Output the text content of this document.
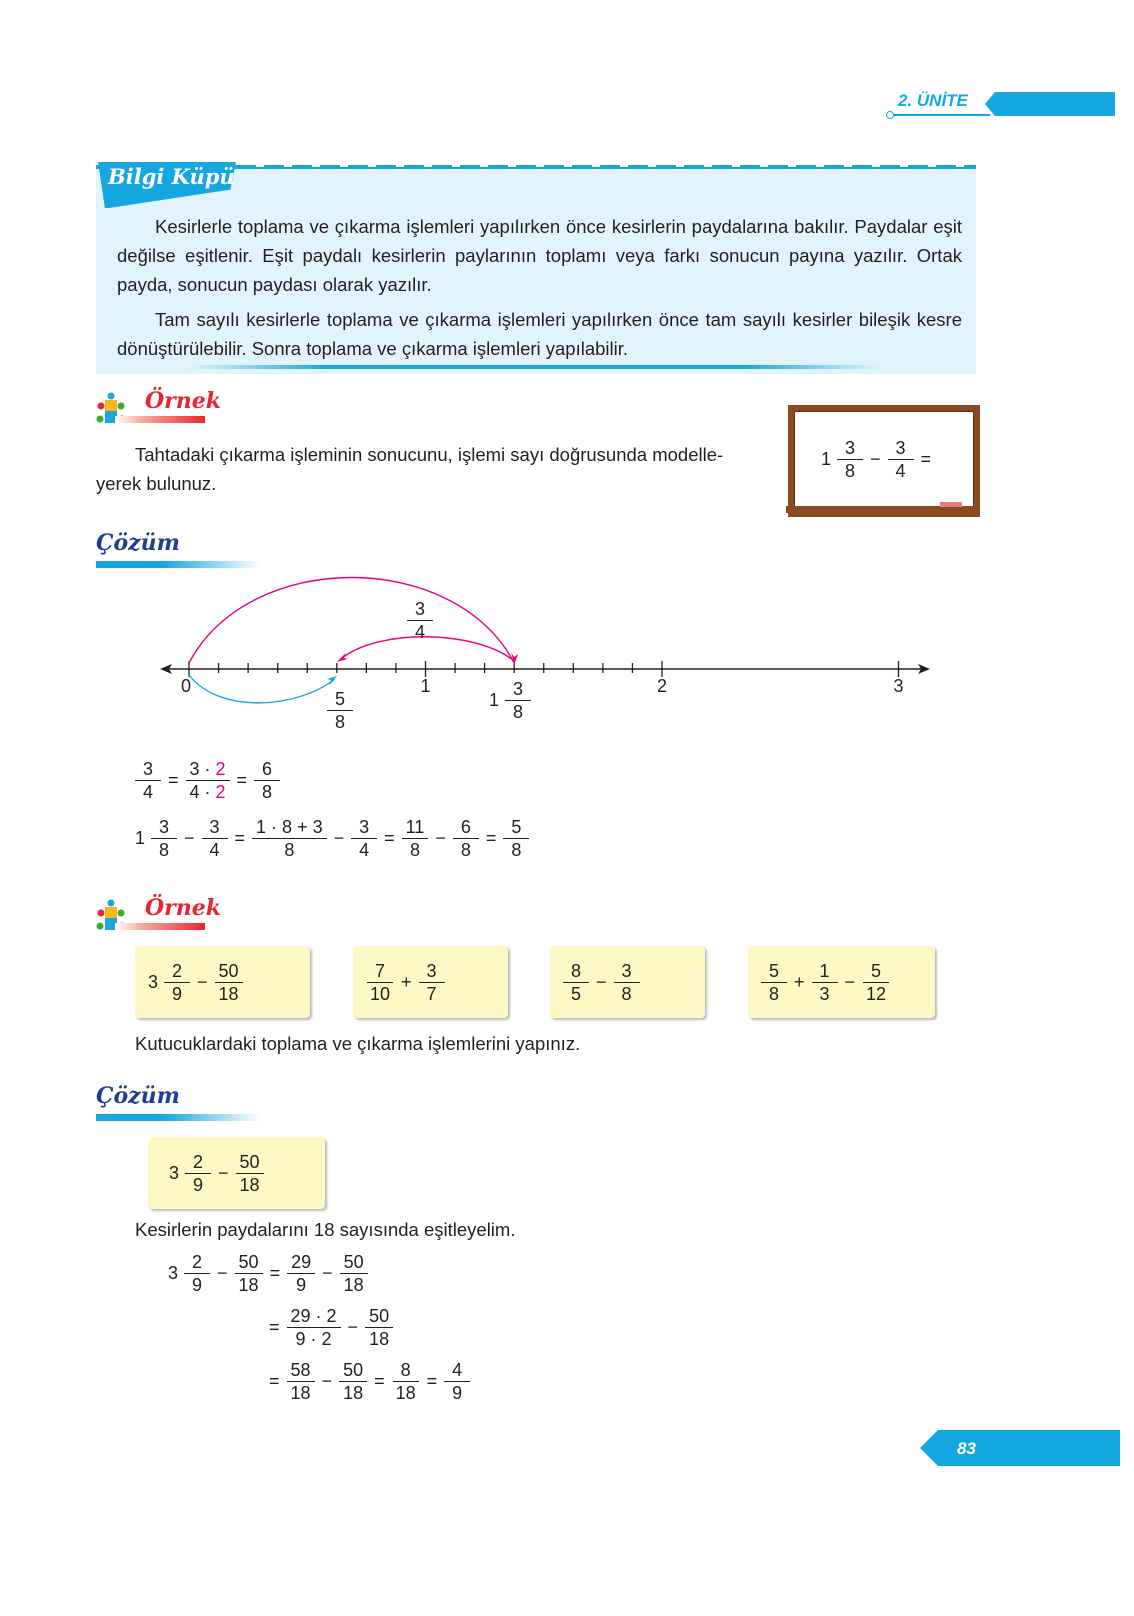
2. ÜNİTE
Bilgi Küpü

Kesirlerle toplama ve çıkarma işlemleri yapılırken önce kesirlerin paydalarına bakılır. Paydalar eşit değilse eşitlenir. Eşit paydalı kesirlerin paylarının toplamı veya farkı sonucun payına yazılır. Ortak payda, sonucun paydası olarak yazılır.

Tam sayılı kesirlerle toplama ve çıkarma işlemleri yapılırken önce tam sayılı kesirler bileşik kesre dönüştürülebilir. Sonra toplama ve çıkarma işlemleri yapılabilir.

Örnek
Tahtadaki çıkarma işleminin sonucunu, işlemi sayı doğrusunda modelle-yerek bulunuz.
$1 \frac{3}{8} - \frac{3}{4}$ =
Çözüm
0	1	2	3
$\frac{3}{4}$
$\frac{5}{8}$	$1 \frac{3}{8}$
$\frac{3}{4} = \frac{3 \cdot 2}{4 \cdot 2} = \frac{6}{8}$
$1 \frac{3}{8} - \frac{3}{4} = \frac{1 \cdot 8 + 3}{8} - \frac{3}{4} = \frac{11}{8} - \frac{6}{8} = \frac{5}{8}$
Örnek
$3 \frac{2}{9} - \frac{50}{18}$	$\frac{7}{10} + \frac{3}{7}$	$\frac{8}{5} - \frac{3}{8}$	$\frac{5}{8} + \frac{1}{3} - \frac{5}{12}$
Kutucuklardaki toplama ve çıkarma işlemlerini yapınız.
Çözüm
$3 \frac{2}{9} - \frac{50}{18}$
Kesirlerin paydalarını 18 sayısında eşitleyelim.
$3 \frac{2}{9} - \frac{50}{18} = \frac{29}{9} - \frac{50}{18}$
= $\frac{29 \cdot 2}{9 \cdot 2} - \frac{50}{18}$
= $\frac{58}{18} - \frac{50}{18} = \frac{8}{18} = \frac{4}{9}$
83
